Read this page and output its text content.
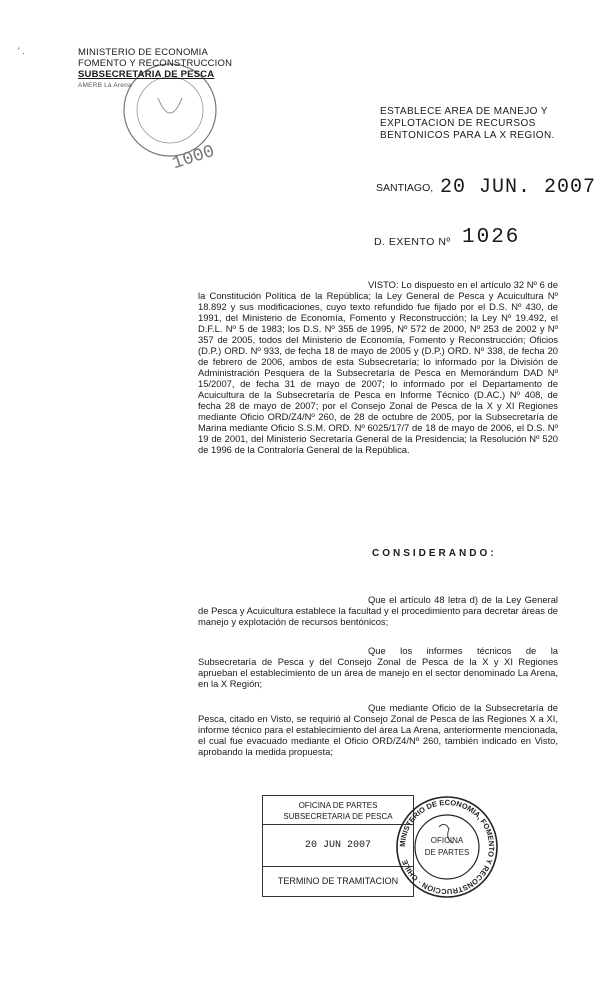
' .	MINISTERIO DE ECONOMIA
FOMENTO Y RECONSTRUCCION
SUBSECRETARIA DE PESCA
AMERB La Arena
1000
ESTABLECE AREA DE MANEJO Y
EXPLOTACION DE RECURSOS
BENTONICOS PARA LA X REGION.
SANTIAGO, 20 JUN. 2007
D. EXENTO Nº 1026
VISTO: Lo dispuesto en el artículo 32 Nº 6 de la Constitución Política de la República; la Ley General de Pesca y Acuicultura Nº 18.892 y sus modificaciones, cuyo texto refundido fue fijado por el D.S. Nº 430, de 1991, del Ministerio de Economía, Fomento y Reconstrucción; la Ley Nº 19.492, el D.F.L. Nº 5 de 1983; los D.S. Nº 355 de 1995, Nº 572 de 2000, Nº 253 de 2002 y Nº 357 de 2005, todos del Ministerio de Economía, Fomento y Reconstrucción; Oficios (D.P.) ORD. Nº 933, de fecha 18 de mayo de 2005 y (D.P.) ORD. Nº 338, de fecha 20 de febrero de 2006, ambos de esta Subsecretaría; lo informado por la División de Administración Pesquera de la Subsecretaría de Pesca en Memorándum DAD Nº 15/2007, de fecha 31 de mayo de 2007; lo informado por el Departamento de Acuicultura de la Subsecretaría de Pesca en Informe Técnico (D.AC.) Nº 408, de fecha 28 de mayo de 2007; por el Consejo Zonal de Pesca de la X y XI Regiones mediante Oficio ORD/Z4/Nº 260, de 28 de octubre de 2005, por la Subsecretaría de Marina mediante Oficio S.S.M. ORD. Nº 6025/17/7 de 18 de mayo de 2006, el D.S. Nº 19 de 2001, del Ministerio Secretaría General de la Presidencia; la Resolución Nº 520 de 1996 de la Contraloría General de la República.
CONSIDERANDO:
Que el artículo 48 letra d) de la Ley General de Pesca y Acuicultura establece la facultad y el procedimiento para decretar áreas de manejo y explotación de recursos bentónicos;
Que los informes técnicos de la Subsecretaría de Pesca y del Consejo Zonal de Pesca de la X y XI Regiones aprueban el establecimiento de un área de manejo en el sector denominado La Arena, en la X Región;
Que mediante Oficio de la Subsecretaría de Pesca, citado en Visto, se requirió al Consejo Zonal de Pesca de las Regiones X a XI, informe técnico para el establecimiento del área La Arena, anteriormente mencionada, el cual fue evacuado mediante el Oficio ORD/Z4/Nº 260, también indicado en Visto, aprobando la medida propuesta;
OFICINA DE PARTES
SUBSECRETARIA DE PESCA
20 JUN 2007
TERMINO DE TRAMITACION
MINISTERIO DE ECONOMIA, FOMENTO Y RECONSTRUCCION · CHILE
OFICINA
DE PARTES
